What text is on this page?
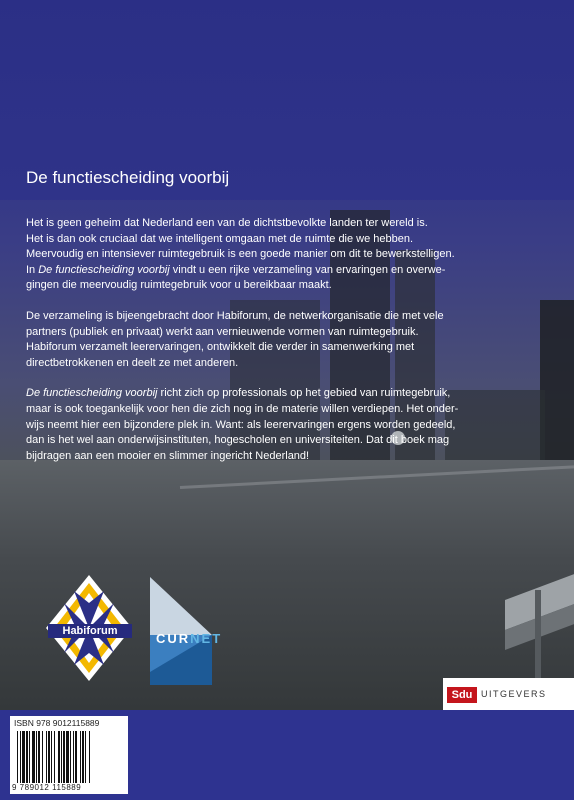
De functiescheiding voorbij

Het is geen geheim dat Nederland een van de dichtstbevolkte landen ter wereld is.
Het is dan ook cruciaal dat we intelligent omgaan met de ruimte die we hebben.
Meervoudig en intensiever ruimtegebruik is een goede manier om dit te bewerkstelligen.
In De functiescheiding voorbij vindt u een rijke verzameling van ervaringen en overwe-
gingen die meervoudig ruimtegebruik voor u bereikbaar maakt.

De verzameling is bijeengebracht door Habiforum, de netwerkorganisatie die met vele
partners (publiek en privaat) werkt aan vernieuwende vormen van ruimtegebruik.
Habiforum verzamelt leerervaringen, ontwikkelt die verder in samenwerking met
directbetrokkenen en deelt ze met anderen.

De functiescheiding voorbij richt zich op professionals op het gebied van ruimtegebruik,
maar is ook toegankelijk voor hen die zich nog in de materie willen verdiepen. Het onder-
wijs neemt hier een bijzondere plek in. Want: als leerervaringen ergens worden gedeeld,
dan is het wel aan onderwijsinstituten, hogescholen en universiteiten. Dat dit boek mag
bijdragen aan een mooier en slimmer ingericht Nederland!

Habiforum	CURNET
Sdu UITGEVERS
ISBN 978 9012115889
9 789012 115889
